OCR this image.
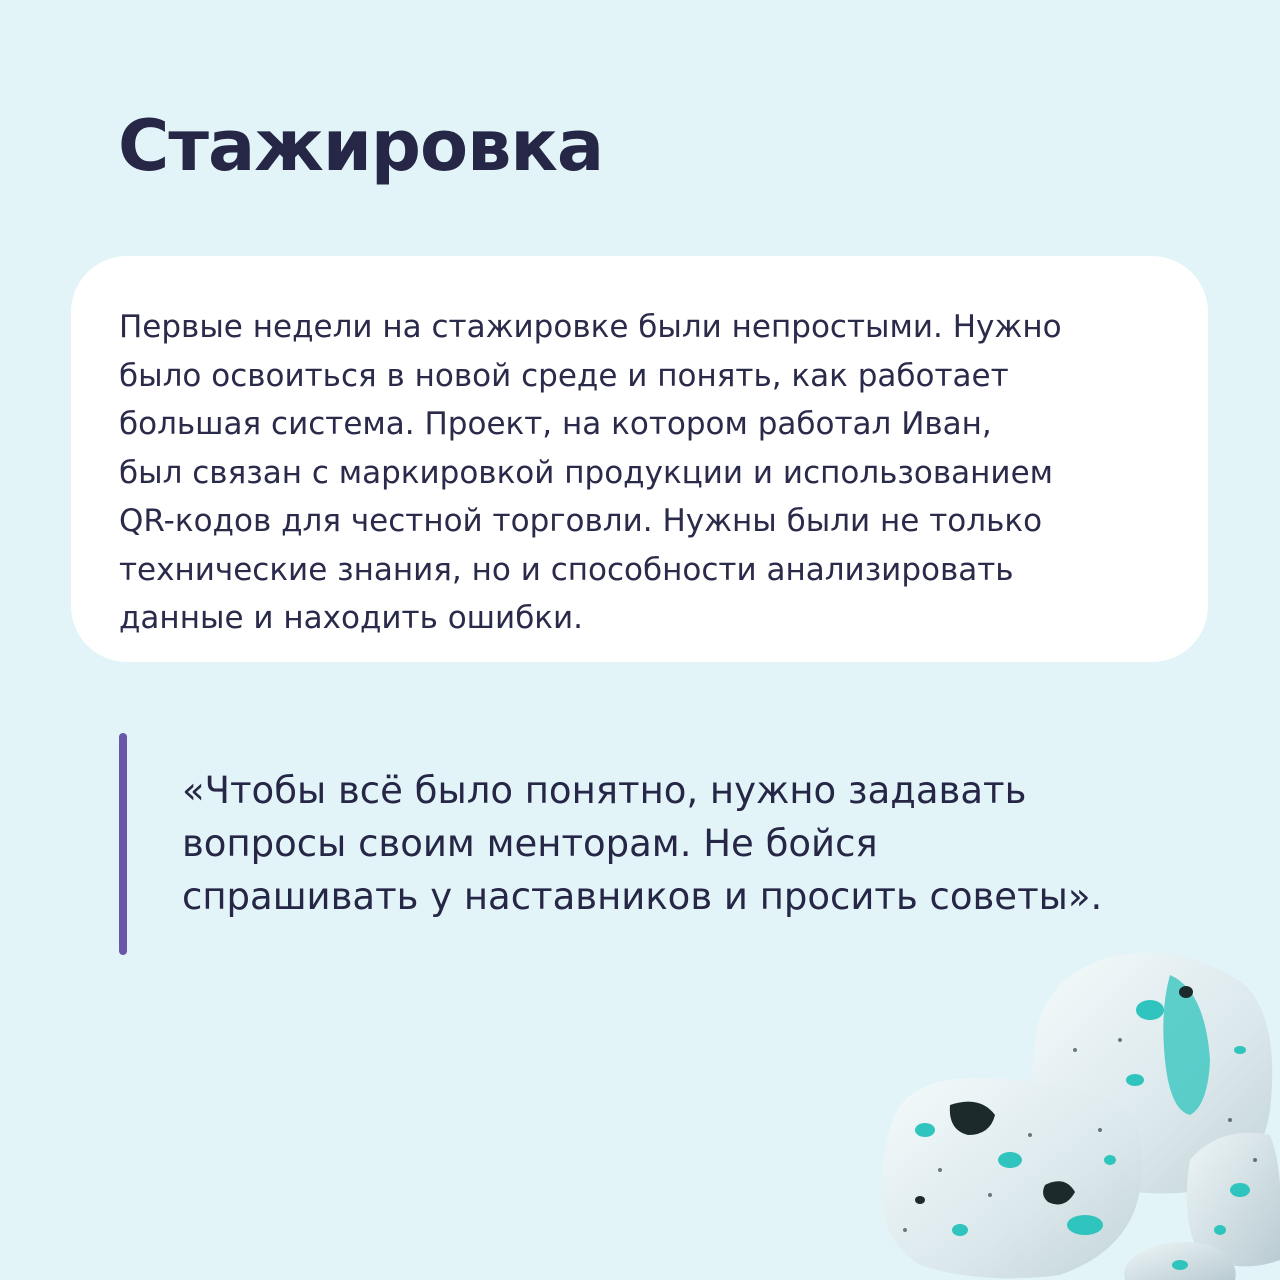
Стажировка

Первые недели на стажировке были непростыми. Нужно
было освоиться в новой среде и понять, как работает
большая система. Проект, на котором работал Иван,
был связан с маркировкой продукции и использованием
QR-кодов для честной торговли. Нужны были не только
технические знания, но и способности анализировать
данные и находить ошибки.

«Чтобы всё было понятно, нужно задавать
вопросы своим менторам. Не бойся
спрашивать у наставников и просить советы».
